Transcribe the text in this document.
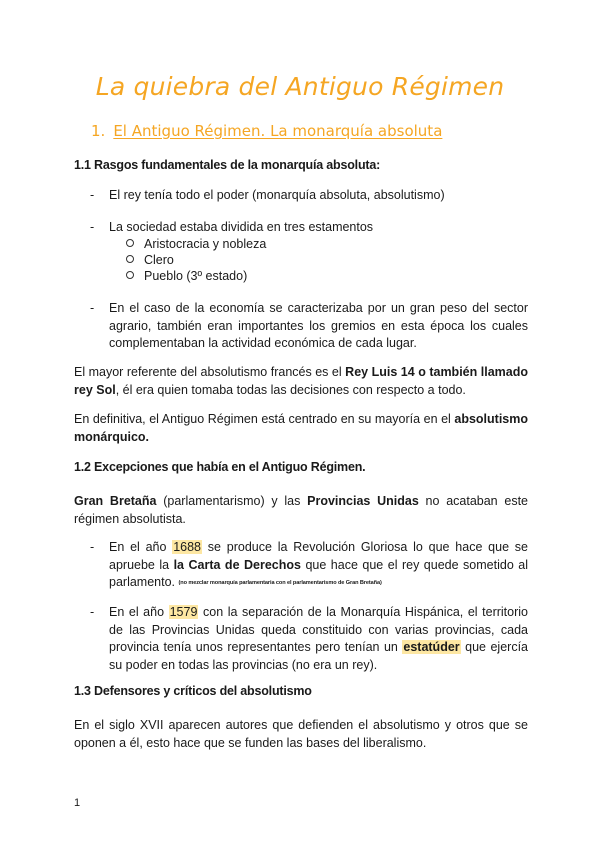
La quiebra del Antiguo Régimen
1. El Antiguo Régimen. La monarquía absoluta
1.1 Rasgos fundamentales de la monarquía absoluta:
- El rey tenía todo el poder (monarquía absoluta, absolutismo)
- La sociedad estaba dividida en tres estamentos
Aristocracia y nobleza
Clero
Pueblo (3º estado)
- En el caso de la economía se caracterizaba por un gran peso del sector agrario, también eran importantes los gremios en esta época los cuales complementaban la actividad económica de cada lugar.
El mayor referente del absolutismo francés es el Rey Luis 14 o también llamado rey Sol, él era quien tomaba todas las decisiones con respecto a todo.
En definitiva, el Antiguo Régimen está centrado en su mayoría en el absolutismo monárquico.
1.2 Excepciones que había en el Antiguo Régimen.
Gran Bretaña (parlamentarismo) y las Provincias Unidas no acataban este régimen absolutista.
- En el año 1688 se produce la Revolución Gloriosa lo que hace que se apruebe la la Carta de Derechos que hace que el rey quede sometido al parlamento. (no mezclar monarquía parlamentaria con el parlamentarismo de Gran Bretaña)
- En el año 1579 con la separación de la Monarquía Hispánica, el territorio de las Provincias Unidas queda constituido con varias provincias, cada provincia tenía unos representantes pero tenían un estatúder que ejercía su poder en todas las provincias (no era un rey).
1.3 Defensores y críticos del absolutismo
En el siglo XVII aparecen autores que defienden el absolutismo y otros que se oponen a él, esto hace que se funden las bases del liberalismo.
1
